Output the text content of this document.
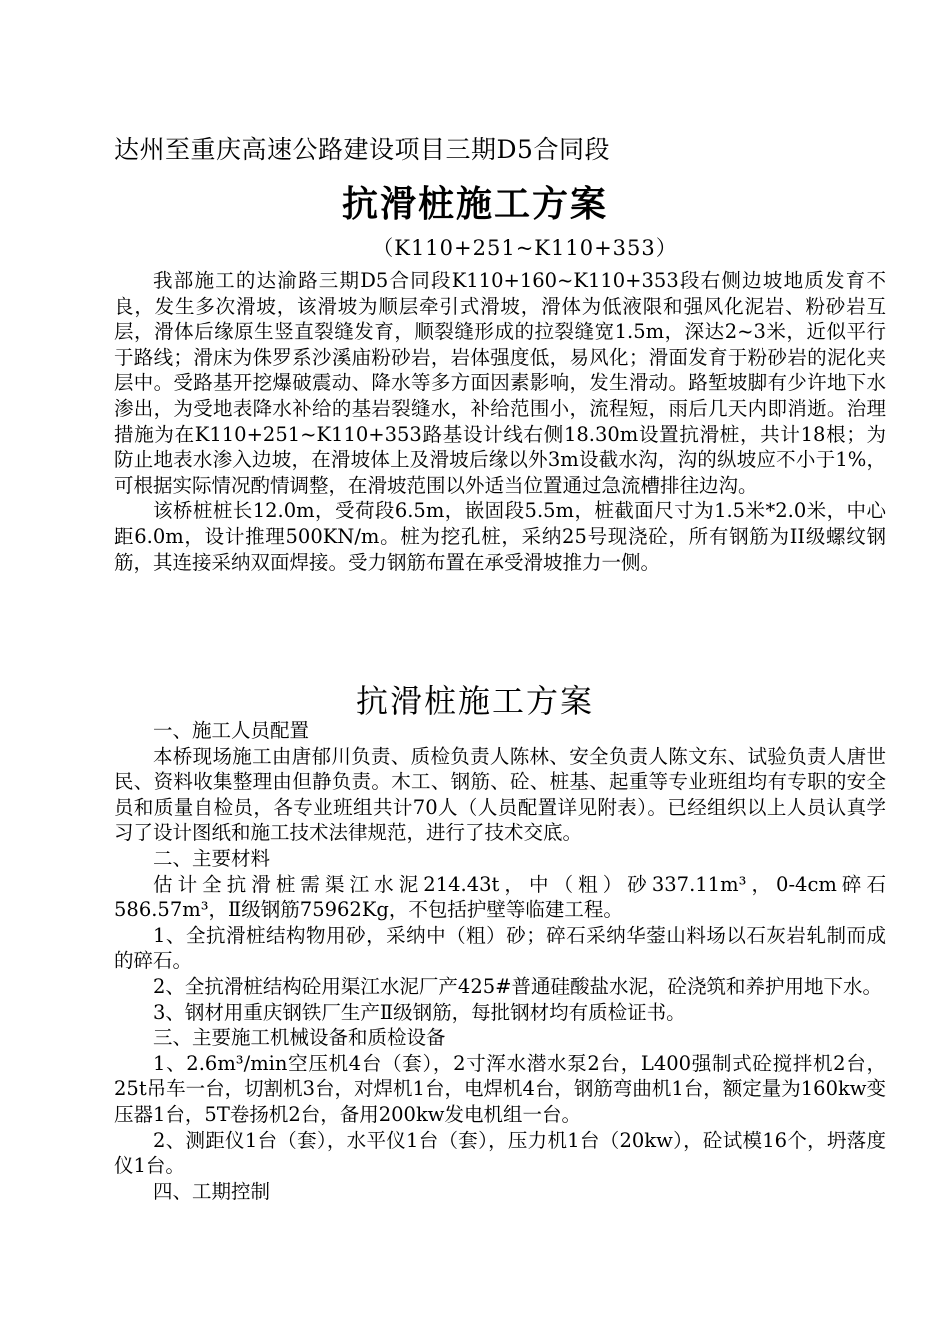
达州至重庆高速公路建设项目三期D5合同段
抗滑桩施工方案
（K110+251~K110+353）

我部施工的达渝路三期D5合同段K110+160~K110+353段右侧边坡地质发育不良，发生多次滑坡，该滑坡为顺层牵引式滑坡，滑体为低液限和强风化泥岩、粉砂岩互层，滑体后缘原生竖直裂缝发育，顺裂缝形成的拉裂缝宽1.5m，深达2~3米，近似平行于路线；滑床为侏罗系沙溪庙粉砂岩，岩体强度低，易风化；滑面发育于粉砂岩的泥化夹层中。受路基开挖爆破震动、降水等多方面因素影响，发生滑动。路堑坡脚有少许地下水渗出，为受地表降水补给的基岩裂缝水，补给范围小，流程短，雨后几天内即消逝。治理措施为在K110+251~K110+353路基设计线右侧18.30m设置抗滑桩，共计18根；为防止地表水渗入边坡，在滑坡体上及滑坡后缘以外3m设截水沟，沟的纵坡应不小于1%，可根据实际情况酌情调整，在滑坡范围以外适当位置通过急流槽排往边沟。

该桥桩桩长12.0m，受荷段6.5m，嵌固段5.5m，桩截面尺寸为1.5米*2.0米，中心距6.0m，设计推理500KN/m。桩为挖孔桩，采纳25号现浇砼，所有钢筋为II级螺纹钢筋，其连接采纳双面焊接。受力钢筋布置在承受滑坡推力一侧。

抗滑桩施工方案

一、施工人员配置

本桥现场施工由唐郁川负责、质检负责人陈林、安全负责人陈文东、试验负责人唐世民、资料收集整理由但静负责。木工、钢筋、砼、桩基、起重等专业班组均有专职的安全员和质量自检员，各专业班组共计70人（人员配置详见附表）。已经组织以上人员认真学习了设计图纸和施工技术法律规范，进行了技术交底。

二、主要材料

估计全抗滑桩需渠江水泥214.43t，中（粗）砂337.11m³，0-4cm碎石586.57m³，Ⅱ级钢筋75962Kg，不包括护壁等临建工程。

1、全抗滑桩结构物用砂，采纳中（粗）砂；碎石采纳华蓥山料场以石灰岩轧制而成的碎石。

2、全抗滑桩结构砼用渠江水泥厂产425#普通硅酸盐水泥，砼浇筑和养护用地下水。

3、钢材用重庆钢铁厂生产Ⅱ级钢筋，每批钢材均有质检证书。

三、主要施工机械设备和质检设备

1、2.6m³/min空压机4台（套），2寸浑水潜水泵2台，L400强制式砼搅拌机2台，25t吊车一台，切割机3台，对焊机1台，电焊机4台，钢筋弯曲机1台，额定量为160kw变压器1台，5T卷扬机2台，备用200kw发电机组一台。

2、测距仪1台（套），水平仪1台（套），压力机1台（20kw），砼试模16个，坍落度仪1台。

四、工期控制
